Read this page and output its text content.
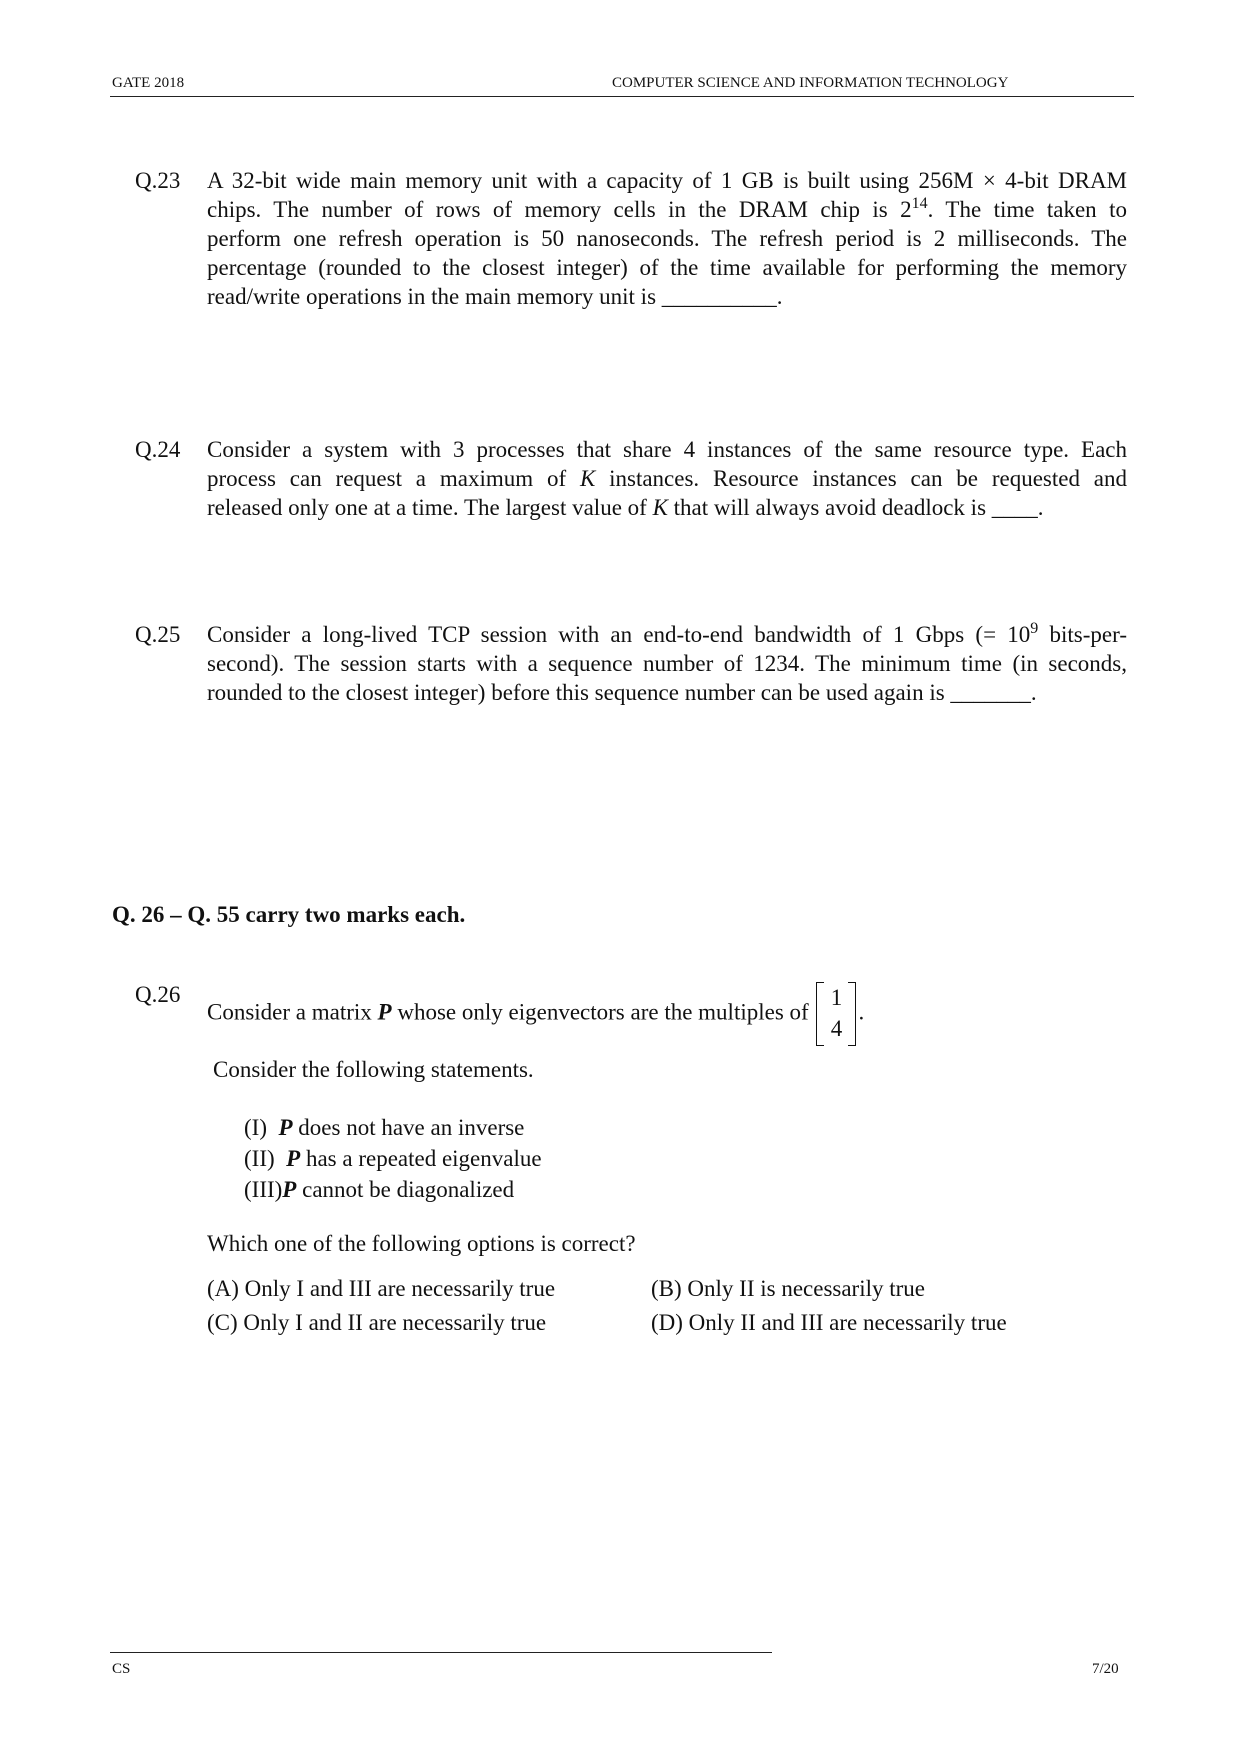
GATE 2018	COMPUTER SCIENCE AND INFORMATION TECHNOLOGY
Q.23 A 32-bit wide main memory unit with a capacity of 1 GB is built using 256M × 4-bit DRAM
chips. The number of rows of memory cells in the DRAM chip is $2^{14}$. The time taken to
perform one refresh operation is 50 nanoseconds. The refresh period is 2 milliseconds. The
percentage (rounded to the closest integer) of the time available for performing the memory
read/write operations in the main memory unit is __________.
Q.24 Consider a system with 3 processes that share 4 instances of the same resource type. Each
process can request a maximum of K instances. Resource instances can be requested and
released only one at a time. The largest value of K that will always avoid deadlock is ____.
Q.25 Consider a long-lived TCP session with an end-to-end bandwidth of 1 Gbps (= $10^9$ bits-per-
second). The session starts with a sequence number of 1234. The minimum time (in seconds,
rounded to the closest integer) before this sequence number can be used again is _______.
Q. 26 – Q. 55 carry two marks each.
Q.26
Consider a matrix P whose only eigenvectors are the multiples of
1
4
.
Consider the following statements.
(I) P does not have an inverse
(II) P has a repeated eigenvalue
(III)P cannot be diagonalized
Which one of the following options is correct?
(A) Only I and III are necessarily true	(B) Only II is necessarily true
(C) Only I and II are necessarily true	(D) Only II and III are necessarily true
CS	7/20
